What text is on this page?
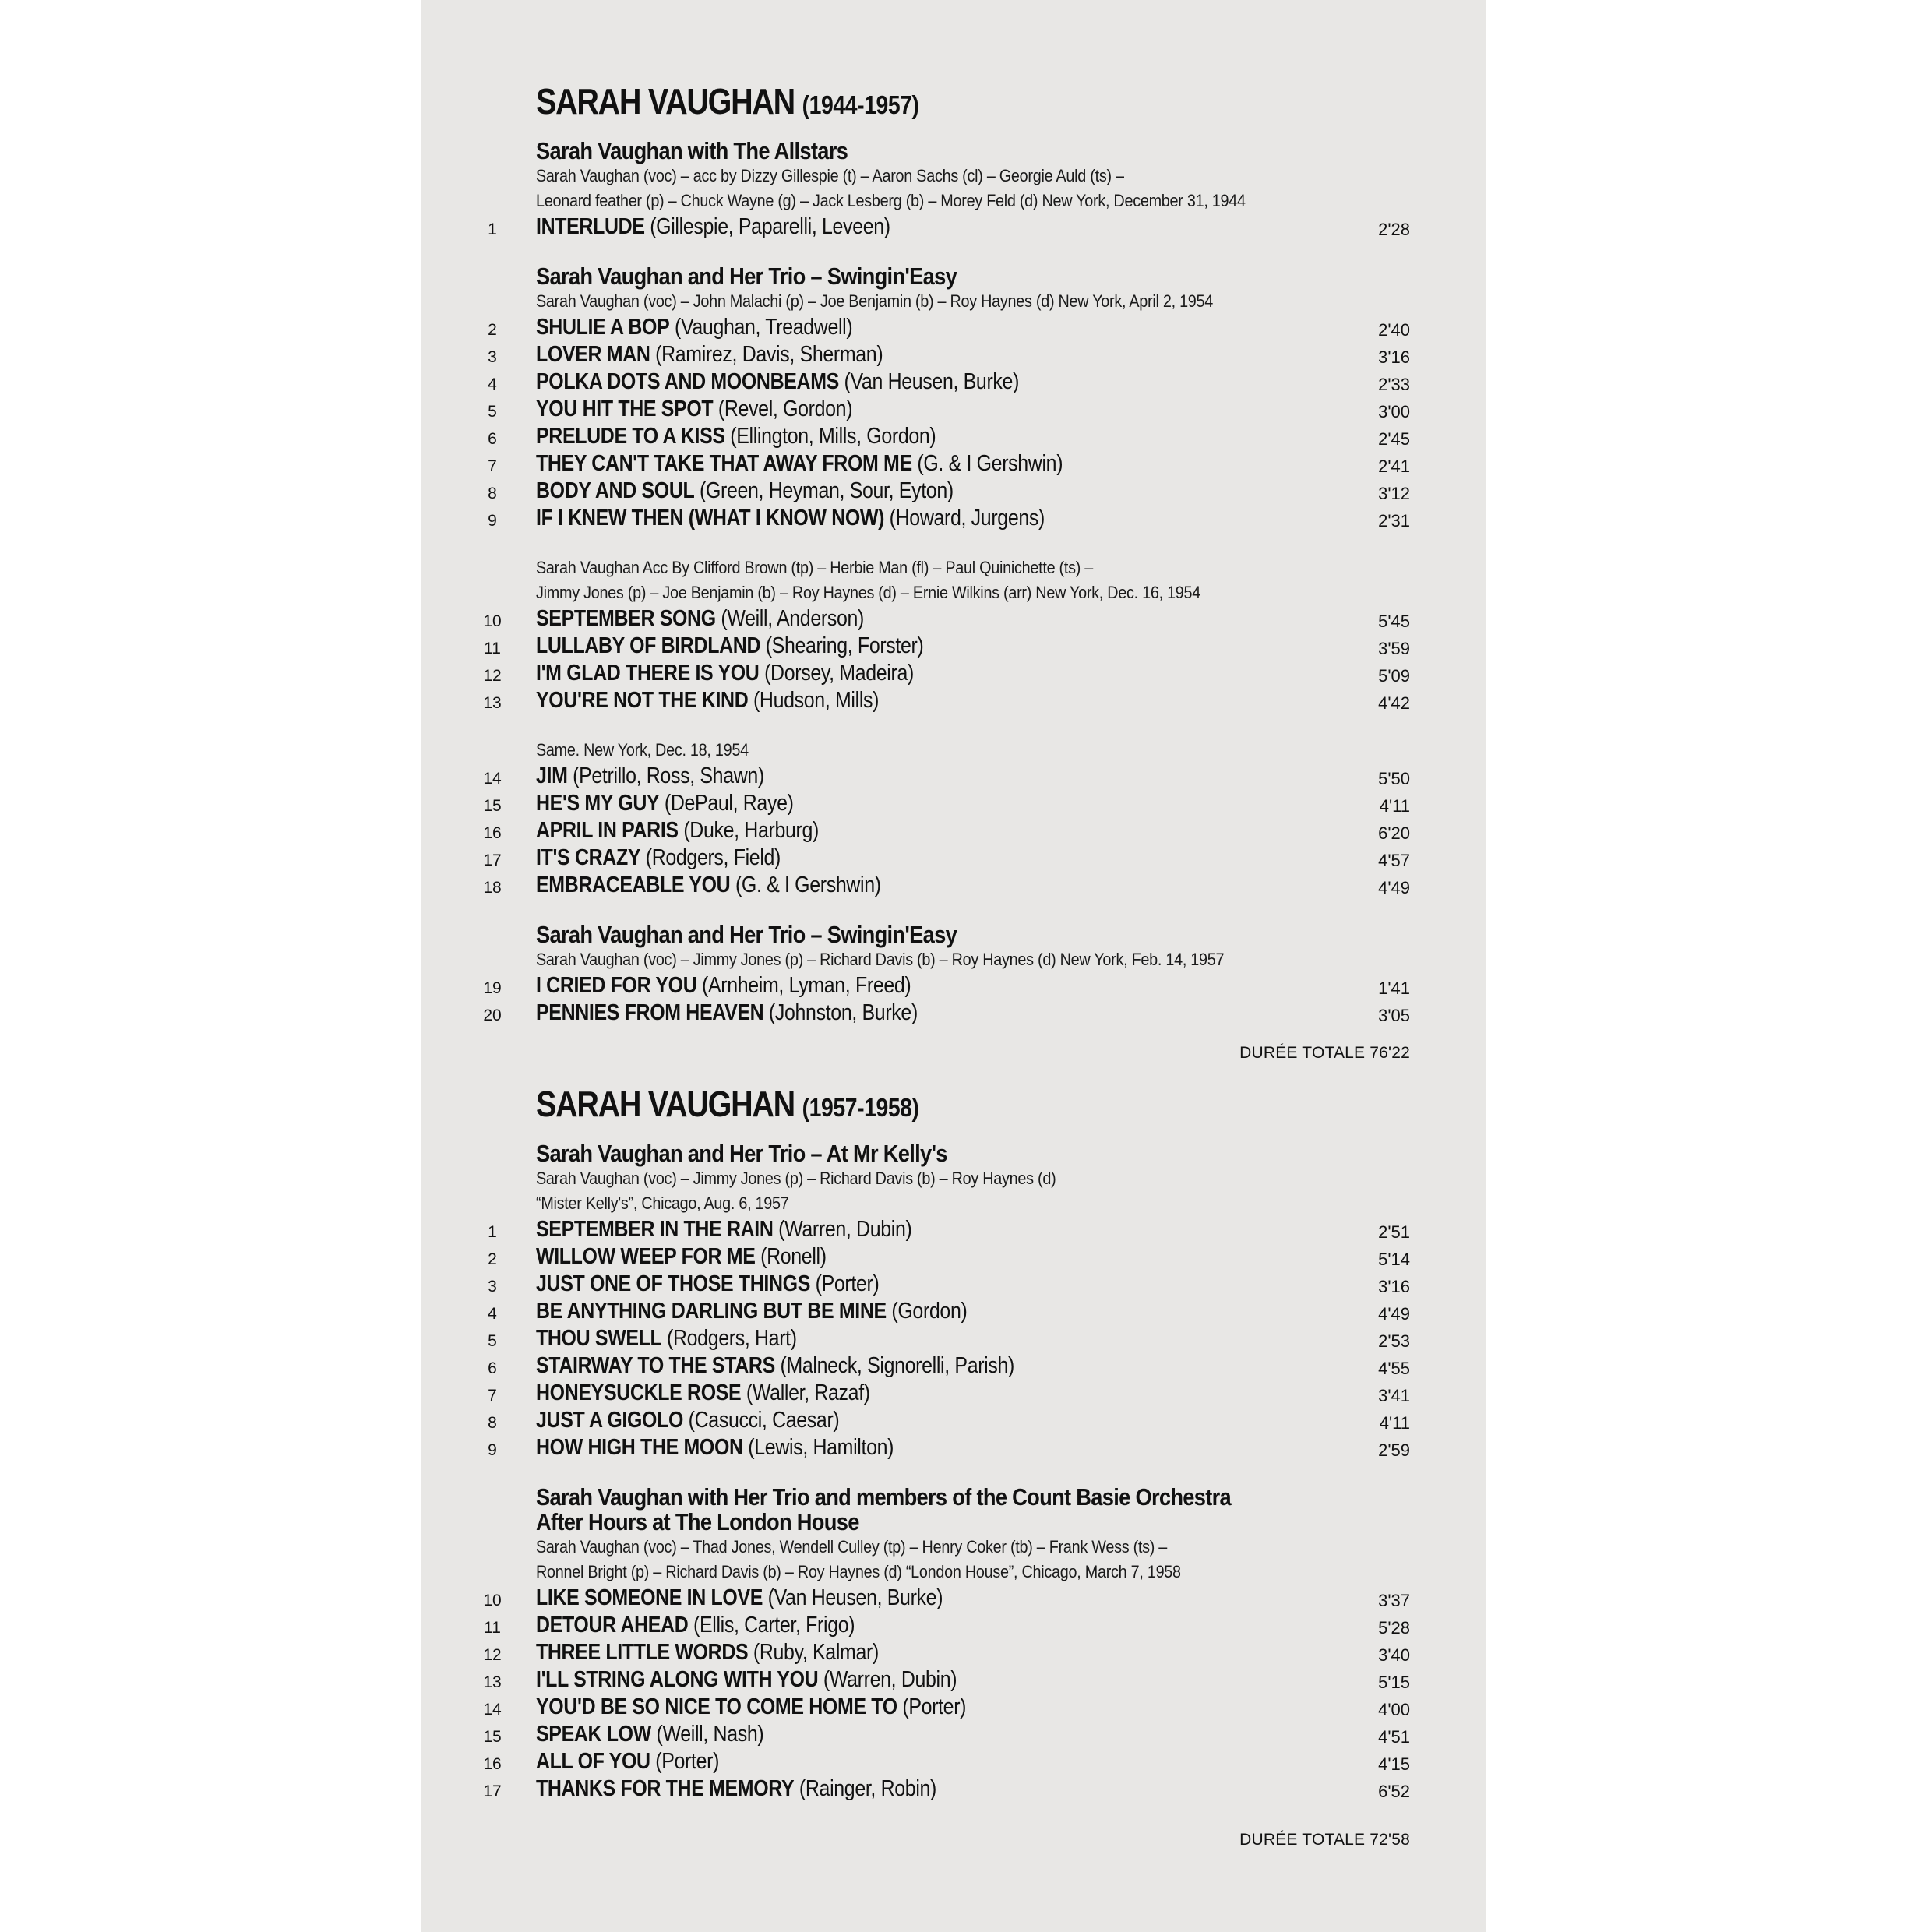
SARAH VAUGHAN (1944-1957)
Sarah Vaughan with The Allstars
Sarah Vaughan (voc) – acc by Dizzy Gillespie (t) – Aaron Sachs (cl) – Georgie Auld (ts) –
Leonard feather (p) – Chuck Wayne (g) – Jack Lesberg (b) – Morey Feld (d) New York, December 31, 1944
1	INTERLUDE (Gillespie, Paparelli, Leveen)	2'28
Sarah Vaughan and Her Trio – Swingin'Easy
Sarah Vaughan (voc) – John Malachi (p) – Joe Benjamin (b) – Roy Haynes (d) New York, April 2, 1954
2	SHULIE A BOP (Vaughan, Treadwell)	2'40
3	LOVER MAN (Ramirez, Davis, Sherman)	3'16
4	POLKA DOTS AND MOONBEAMS (Van Heusen, Burke)	2'33
5	YOU HIT THE SPOT (Revel, Gordon)	3'00
6	PRELUDE TO A KISS (Ellington, Mills, Gordon)	2'45
7	THEY CAN'T TAKE THAT AWAY FROM ME (G. & I Gershwin)	2'41
8	BODY AND SOUL (Green, Heyman, Sour, Eyton)	3'12
9	IF I KNEW THEN (WHAT I KNOW NOW) (Howard, Jurgens)	2'31
Sarah Vaughan Acc By Clifford Brown (tp) – Herbie Man (fl) – Paul Quinichette (ts) –
Jimmy Jones (p) – Joe Benjamin (b) – Roy Haynes (d) – Ernie Wilkins (arr) New York, Dec. 16, 1954
10 SEPTEMBER SONG (Weill, Anderson)	5'45
11	LULLABY OF BIRDLAND (Shearing, Forster)	3'59
12 I'M GLAD THERE IS YOU (Dorsey, Madeira)	5'09
13 YOU'RE NOT THE KIND (Hudson, Mills)	4'42
Same. New York, Dec. 18, 1954
14 JIM (Petrillo, Ross, Shawn)	5'50
15 HE'S MY GUY (DePaul, Raye)	4'11
16 APRIL IN PARIS (Duke, Harburg)	6'20
17 IT'S CRAZY (Rodgers, Field)	4'57
18 EMBRACEABLE YOU (G. & I Gershwin)	4'49
Sarah Vaughan and Her Trio – Swingin'Easy
Sarah Vaughan (voc) – Jimmy Jones (p) – Richard Davis (b) – Roy Haynes (d) New York, Feb. 14, 1957
19 I CRIED FOR YOU (Arnheim, Lyman, Freed)	1'41
20 PENNIES FROM HEAVEN (Johnston, Burke)	3'05
DURÉE TOTALE 76'22
SARAH VAUGHAN (1957-1958)
Sarah Vaughan and Her Trio – At Mr Kelly's
Sarah Vaughan (voc) – Jimmy Jones (p) – Richard Davis (b) – Roy Haynes (d)
“Mister Kelly's”, Chicago, Aug. 6, 1957
1	SEPTEMBER IN THE RAIN (Warren, Dubin)	2'51
2	WILLOW WEEP FOR ME (Ronell)	5'14
3	JUST ONE OF THOSE THINGS (Porter)	3'16
4	BE ANYTHING DARLING BUT BE MINE (Gordon)	4'49
5	THOU SWELL (Rodgers, Hart)	2'53
6	STAIRWAY TO THE STARS (Malneck, Signorelli, Parish)	4'55
7	HONEYSUCKLE ROSE (Waller, Razaf)	3'41
8	JUST A GIGOLO (Casucci, Caesar)	4'11
9	HOW HIGH THE MOON (Lewis, Hamilton)	2'59
Sarah Vaughan with Her Trio and members of the Count Basie Orchestra
After Hours at The London House
Sarah Vaughan (voc) – Thad Jones, Wendell Culley (tp) – Henry Coker (tb) – Frank Wess (ts) –
Ronnel Bright (p) – Richard Davis (b) – Roy Haynes (d) “London House”, Chicago, March 7, 1958
10 LIKE SOMEONE IN LOVE (Van Heusen, Burke)	3'37
11	DETOUR AHEAD (Ellis, Carter, Frigo)	5'28
12 THREE LITTLE WORDS (Ruby, Kalmar)	3'40
13 I'LL STRING ALONG WITH YOU (Warren, Dubin)	5'15
14 YOU'D BE SO NICE TO COME HOME TO (Porter)	4'00
15 SPEAK LOW (Weill, Nash)	4'51
16 ALL OF YOU (Porter)	4'15
17 THANKS FOR THE MEMORY (Rainger, Robin)	6'52
DURÉE TOTALE 72'58
